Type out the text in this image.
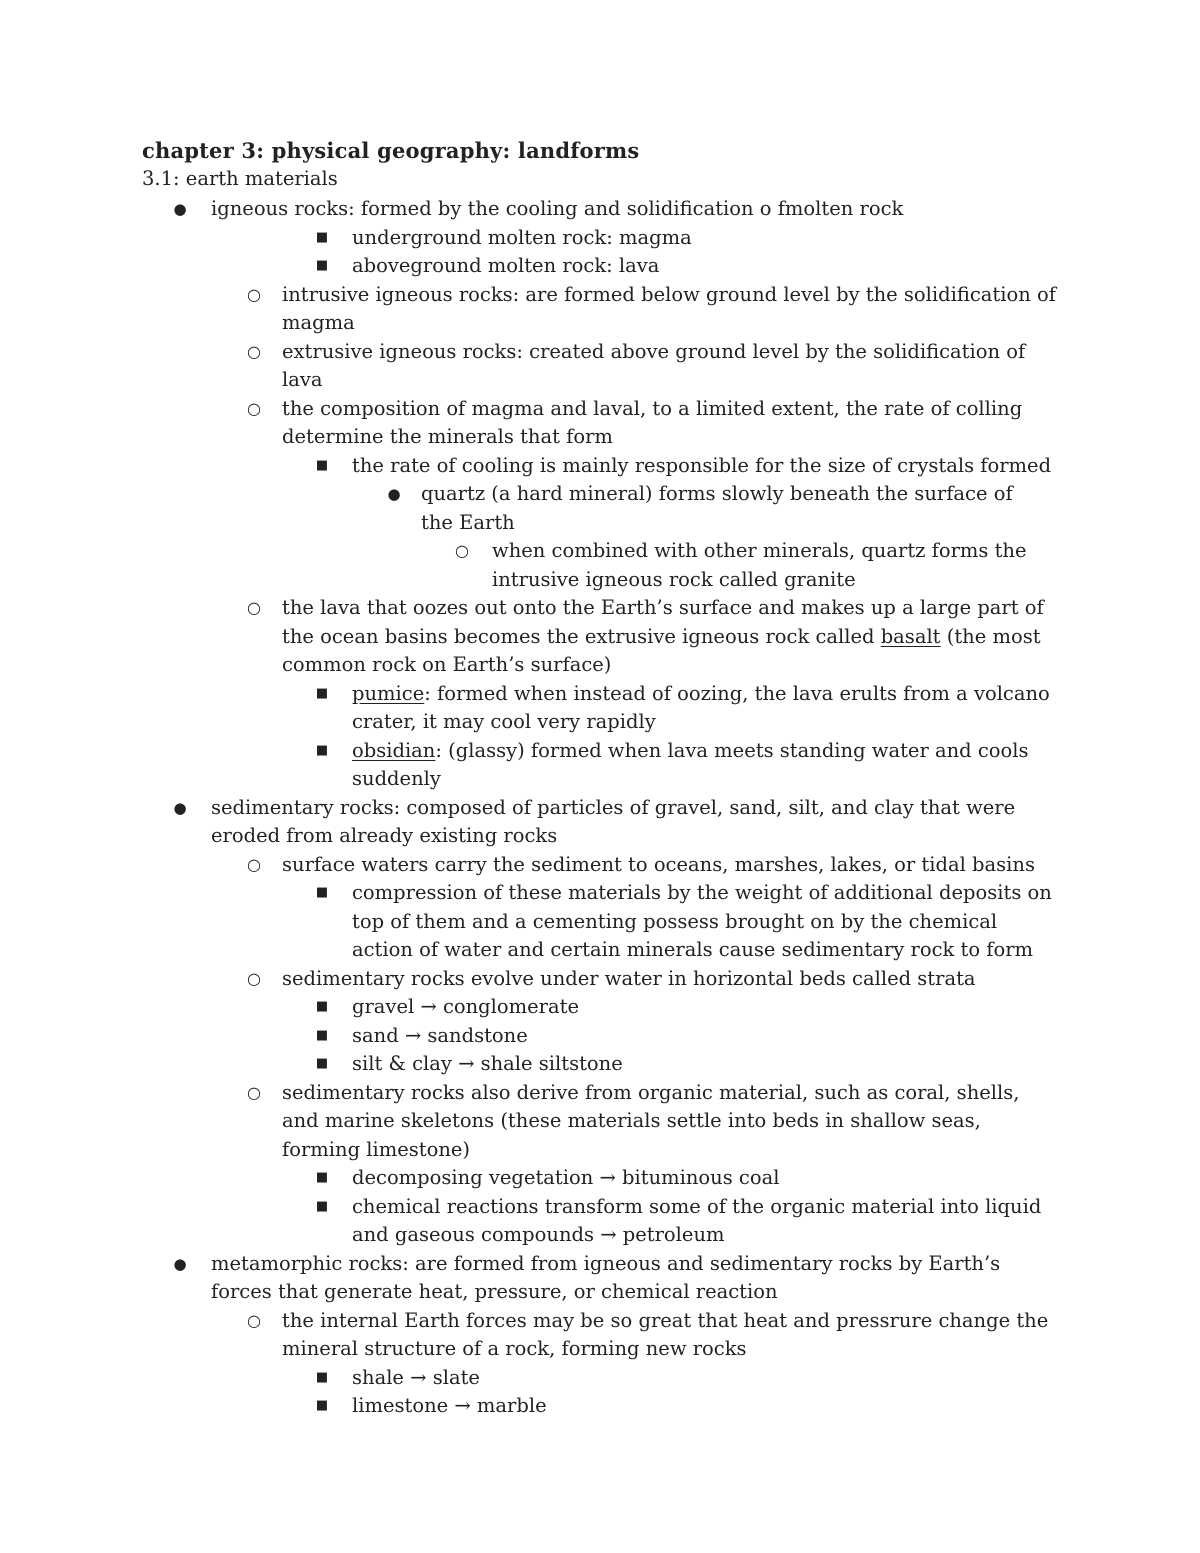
chapter 3: physical geography: landforms
3.1: earth materials
● igneous rocks: formed by the cooling and solidification o fmolten rock
■ underground molten rock: magma
■ aboveground molten rock: lava
○ intrusive igneous rocks: are formed below ground level by the solidification of magma
○ extrusive igneous rocks: created above ground level by the solidification of lava
○ the composition of magma and laval, to a limited extent, the rate of colling determine the minerals that form
■ the rate of cooling is mainly responsible for the size of crystals formed
● quartz (a hard mineral) forms slowly beneath the surface of the Earth
○ when combined with other minerals, quartz forms the intrusive igneous rock called granite
○ the lava that oozes out onto the Earth’s surface and makes up a large part of the ocean basins becomes the extrusive igneous rock called basalt (the most common rock on Earth’s surface)
■ pumice: formed when instead of oozing, the lava erults from a volcano crater, it may cool very rapidly
■ obsidian: (glassy) formed when lava meets standing water and cools suddenly
● sedimentary rocks: composed of particles of gravel, sand, silt, and clay that were eroded from already existing rocks
○ surface waters carry the sediment to oceans, marshes, lakes, or tidal basins
■ compression of these materials by the weight of additional deposits on top of them and a cementing possess brought on by the chemical action of water and certain minerals cause sedimentary rock to form
○ sedimentary rocks evolve under water in horizontal beds called strata
■ gravel → conglomerate
■ sand → sandstone
■ silt & clay → shale siltstone
○ sedimentary rocks also derive from organic material, such as coral, shells, and marine skeletons (these materials settle into beds in shallow seas, forming limestone)
■ decomposing vegetation → bituminous coal
■ chemical reactions transform some of the organic material into liquid and gaseous compounds → petroleum
● metamorphic rocks: are formed from igneous and sedimentary rocks by Earth’s forces that generate heat, pressure, or chemical reaction
○ the internal Earth forces may be so great that heat and pressrure change the mineral structure of a rock, forming new rocks
■ shale → slate
■ limestone → marble
